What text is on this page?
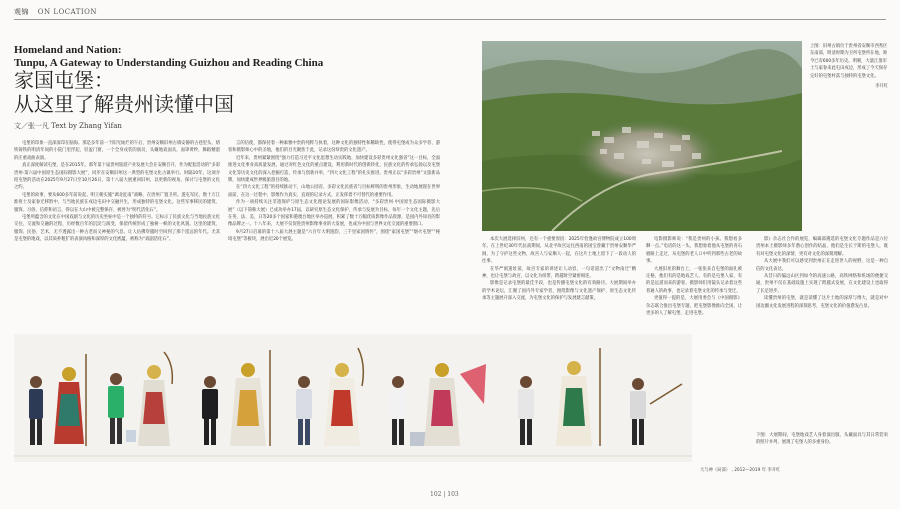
观锦 ON LOCATION
Homeland and Nation:
Tunpu, A Gateway to Understanding Guizhou and Reading China
家国屯堡：
从这里了解贵州读懂中国
文／张一凡 Text by Zhang Yifan

屯堡的印象一直深深印在脑海。那是多年前一个阳光灿烂的午后，贵州安顺旧州古镇安静的古巷里头，熔铁铸铁的明清年间的小院门里浮起，轻盈门窗，一个全身戎装的演员，头戴地戏面具，面罩黄纱，舞蹈精湛的庄重戏曲表演。

真正深度解读屯堡，是在2015年。那年第十届贵州旅游产业发展大会在安顺召开，作为配套活动的“多彩贵州·第六届中国原生态国际摄影大展”，同步在安顺旧州这一典型的屯堡文化古镇举行。时隔10年，这项介绍屯堡的活动在2025年9月27日至10月26日，第十八届大展重回旧州，以更新的视角，探讨与屯堡的文化之约。

屯堡的故事，要从600多年前说起。明王朝实施“调北征南”战略，在贵州广置卫所。遂屯军民，数十万江淮将士及家眷迁移黔中，与当地民族在戍边屯田中交融共生，形成独特的屯堡文化。这些军事移民的建筑、服饰、习俗、信仰和语言，得以在大山中被完整保存，被誉为“明代活化石”。

屯堡所蕴含的文化在中国戏剧与文化的历史坐标中是一个独特的符号。它标示了民族文化与当地民族文化交往、交流和交融的过程，历经数百年的沉淀与演变，保留传统形成了独树一帜的文化风貌。这里的建筑、服饰、民俗、艺术，无不透露出一种古老而又神秘的气息，让人仿佛穿越时空回到了那个遥远的年代。尤其是屯堡的地戏，以其质朴粗犷的表演风格和深厚的文化底蕴，被称为“戏剧活化石”。

言的信使，都保持着一种素雅中贵的纯粹与执着，这种文化的独特性和稀缺性，使得屯堡成为众多学者、游客和摄影师心中的圣地，他们的目光聚焦于此，记录这份珍贵的文化遗产。

近年来，贵州紧紧围绕“强力打造习近平文化思想生动实践地、加快建设多彩贵州文化强省”这一目标，全面推进文化事业高质量发展，通过对红色文化的重点建设，利用新时代的创新转化，民族文化的传承弘扬以及屯堡文化等历史文化的深入挖掘打造，传承与创新并举，“四大文化工程”的扎实推进，贵州正以“多彩贵州”文旅新品牌，加快建成世界级旅游目的地。

在“四大文化工程”的持续推动下，山地公园省、多彩文化民族省与目标鲜明的贵州形象，生动地展现在世界面前，在这一过程中，影像作为真实、直观的记录方式，正发挥着不可替代的重要作用。

作为一项持续关注非遗保护与原生态文化理论发展的国际影像活动，“多彩贵州·中国原生态国际摄影大展”（以下简称大展）已成功举办17届，以研究原生态文化保护、传承与发展为目标，每年一个文化主题，先后在英、法、美、日等20多个国家和港澳台地区举办巡展，积累了数十万幅优质影像作品资源，是国内外知名的影像品牌之一。十八年来，大展不仅促进贵州影像事业的大发展，也成为中国与世界文化交流的重要窗口。

9月27日启幕的第十八届大展主题是“六百年大明遗韵，三千里家国情怀”，围绕“家国屯堡”“烟火屯堡”“秘境屯堡”等板块，展出近20个展览。

上图：旧州古镇位于贵州省安顺市西秀区东南部，明清时期为卫所屯堡所在地，距今已有600多年历史。明朝，大量江淮军士与家眷来此屯田戍边，形成了今天保存完好的屯堡村落与独特的屯堡文化。
李开红

本次大展选择旧州，还有一个重要原因：2025年恰逢故宫博物院成立100周年。在上世纪30年代抗战期间，从北平故宫运往西南的国宝曾藏于贵州安顺华严洞，为了守护这些文物，故宫人与安顺人一起，在这片土地上留下了一段动人的往事。

在华严洞遗址前，故宫专家的讲述让人动容，一句话道出了“文物南迁”精神，也让屯堡与故宫，以文化为纽带，跨越时空紧密相连。

影像是记录屯堡的最佳手段，也是传播屯堡文化的有效路径。大展期间举办的学术论坛，汇聚了国内外专家学者，围绕影像与文化遗产保护、原生态文化传承等主题展开深入交流，为屯堡文化的保护与发展建言献策。

电影摄影师说：“我是贵州的小孩。我想看多聊一点。”电话的这一头，我想象着他从屯堡的青石板路上走过，从屯堡的老人口中听到那些古老的故事。

大展旧址的舞台上，一张张来自屯堡的面孔被定格，他们有的是地戏艺人，有的是屯堡人家，有的是远道而来的游客。摄影师们用镜头记录着这些普通人的故事，也记录着屯堡文化的传承与变迁。

更值得一提的是，大展用委会与《中国摄影》杂志联合推出屯堡专题，把屯堡影像推向全国，让更多的人了解屯堡、走进屯堡。

影》杂志社合作的展览，编辑部遴选的屯堡文化专题作品是六位贵州本土摄影师多年潜心创作的结晶，他们是生长于斯的屯堡人，既有对屯堡文化的深情，更有对文化的深刻理解。

从大展中我们可以感受到贵州正在走进世人的视野，这是一种自信的文化表达。

从昔日的偏远山区到如今的高速公路、高铁网络和机场的便捷交通，贵州不仅在基础设施上实现了跨越式发展，在文化建设上也取得了长足进步。

读懂贵州的屯堡，就是读懂了这片土地的深厚与博大，就是对中国边疆文化发展进程的深刻思考，屯堡文化的价值愈发凸显。

下图：大展期间，屯堡地戏艺人身着演出服、头戴面具与其日常装束的照片并列，展现了屯堡人的多重身份。
大与神（局部） , 2012—2019 年 李开红
102 | 103
